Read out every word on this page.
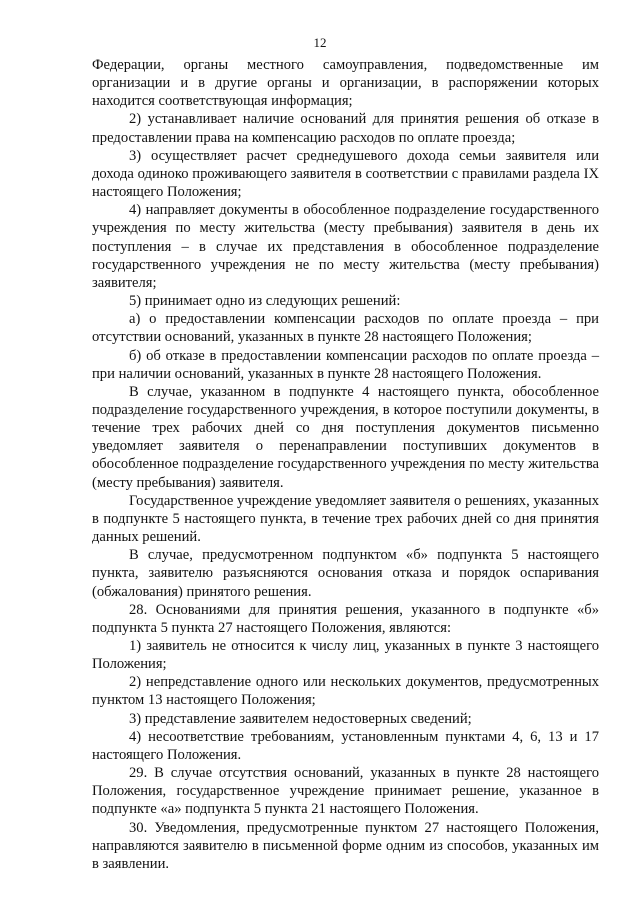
12

Федерации, органы местного самоуправления, подведомственные им организации и в другие органы и организации, в распоряжении которых находится соответствующая информация;

2) устанавливает наличие оснований для принятия решения об отказе в предоставлении права на компенсацию расходов по оплате проезда;

3) осуществляет расчет среднедушевого дохода семьи заявителя или дохода одиноко проживающего заявителя в соответствии с правилами раздела IX настоящего Положения;

4) направляет документы в обособленное подразделение государственного учреждения по месту жительства (месту пребывания) заявителя в день их поступления – в случае их представления в обособленное подразделение государственного учреждения не по месту жительства (месту пребывания) заявителя;

5) принимает одно из следующих решений:

а) о предоставлении компенсации расходов по оплате проезда – при отсутствии оснований, указанных в пункте 28 настоящего Положения;

б) об отказе в предоставлении компенсации расходов по оплате проезда – при наличии оснований, указанных в пункте 28 настоящего Положения.

В случае, указанном в подпункте 4 настоящего пункта, обособленное подразделение государственного учреждения, в которое поступили документы, в течение трех рабочих дней со дня поступления документов письменно уведомляет заявителя о перенаправлении поступивших документов в обособленное подразделение государственного учреждения по месту жительства (месту пребывания) заявителя.

Государственное учреждение уведомляет заявителя о решениях, указанных в подпункте 5 настоящего пункта, в течение трех рабочих дней со дня принятия данных решений.

В случае, предусмотренном подпунктом «б» подпункта 5 настоящего пункта, заявителю разъясняются основания отказа и порядок оспаривания (обжалования) принятого решения.

28. Основаниями для принятия решения, указанного в подпункте «б» подпункта 5 пункта 27 настоящего Положения, являются:

1) заявитель не относится к числу лиц, указанных в пункте 3 настоящего Положения;

2) непредставление одного или нескольких документов, предусмотренных пунктом 13 настоящего Положения;

3) представление заявителем недостоверных сведений;

4) несоответствие требованиям, установленным пунктами 4, 6, 13 и 17 настоящего Положения.

29. В случае отсутствия оснований, указанных в пункте 28 настоящего Положения, государственное учреждение принимает решение, указанное в подпункте «а» подпункта 5 пункта 21 настоящего Положения.

30. Уведомления, предусмотренные пунктом 27 настоящего Положения, направляются заявителю в письменной форме одним из способов, указанных им в заявлении.
